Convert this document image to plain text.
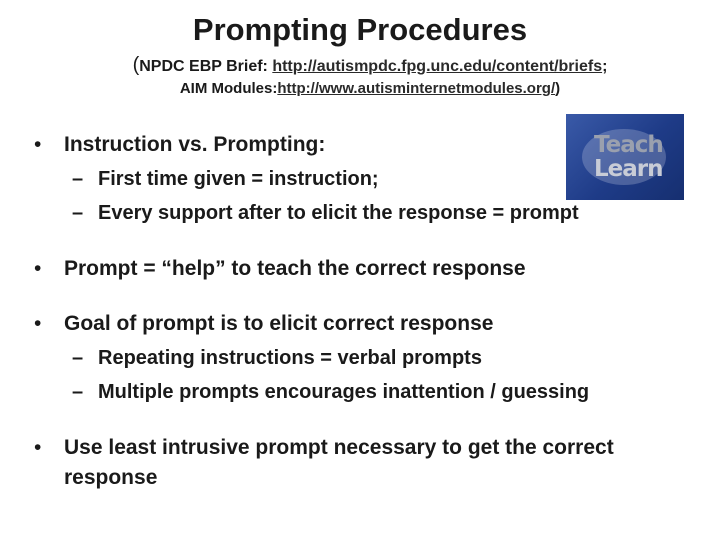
Prompting Procedures
(NPDC EBP Brief: http://autismpdc.fpg.unc.edu/content/briefs;
AIM Modules:http://www.autisminternetmodules.org/)
Teach
Learn
• Instruction vs. Prompting:
– First time given = instruction;
– Every support after to elicit the response = prompt
• Prompt = “help” to teach the correct response
• Goal of prompt is to elicit correct response
– Repeating instructions = verbal prompts
– Multiple prompts encourages inattention / guessing
• Use least intrusive prompt necessary to get the correct response
